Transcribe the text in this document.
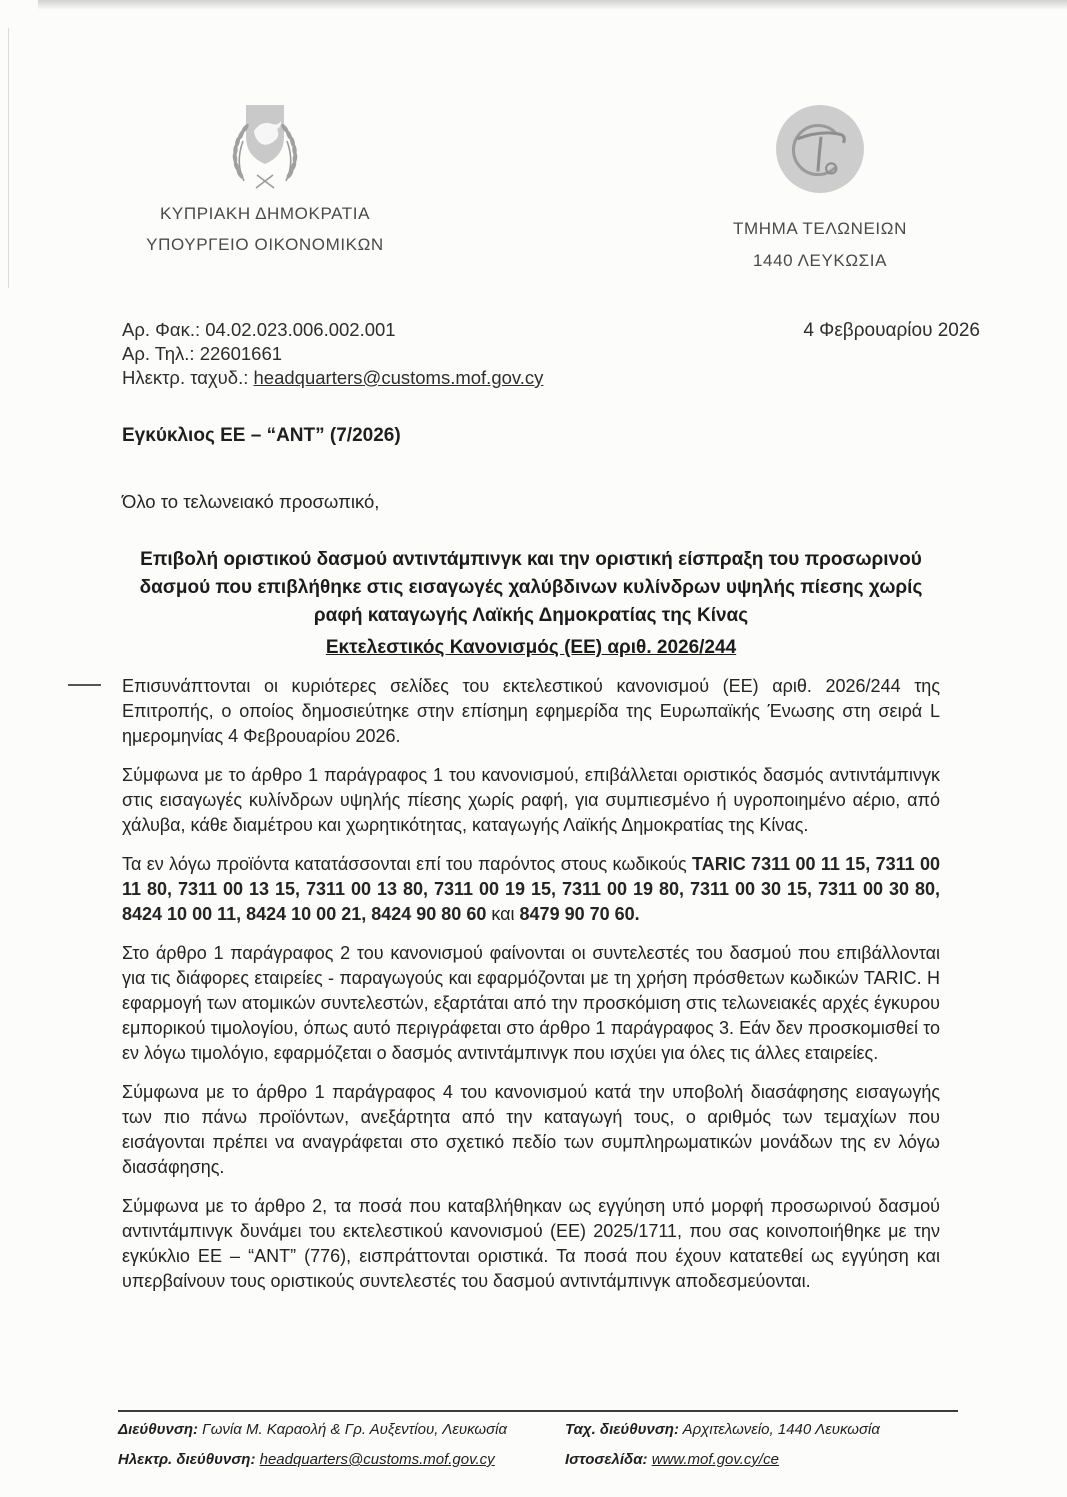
ΚΥΠΡΙΑΚΗ ΔΗΜΟΚΡΑΤΙΑ
ΥΠΟΥΡΓΕΙΟ ΟΙΚΟΝΟΜΙΚΩΝ
ΤΜΗΜΑ ΤΕΛΩΝΕΙΩΝ
1440 ΛΕΥΚΩΣΙΑ
Αρ. Φακ.: 04.02.023.006.002.001
Αρ. Τηλ.: 22601661
Ηλεκτρ. ταχυδ.: headquarters@customs.mof.gov.cy
4 Φεβρουαρίου 2026
Εγκύκλιος ΕΕ – “ΑΝΤ” (7/2026)
Όλο το τελωνειακό προσωπικό,
Επιβολή οριστικού δασμού αντιντάμπινγκ και την οριστική είσπραξη του προσωρινού δασμού που επιβλήθηκε στις εισαγωγές χαλύβδινων κυλίνδρων υψηλής πίεσης χωρίς ραφή καταγωγής Λαϊκής Δημοκρατίας της Κίνας
Εκτελεστικός Κανονισμός (ΕΕ) αριθ. 2026/244

Επισυνάπτονται οι κυριότερες σελίδες του εκτελεστικού κανονισμού (ΕΕ) αριθ. 2026/244 της Επιτροπής, ο οποίος δημοσιεύτηκε στην επίσημη εφημερίδα της Ευρωπαϊκής Ένωσης στη σειρά L ημερομηνίας 4 Φεβρουαρίου 2026.

Σύμφωνα με το άρθρο 1 παράγραφος 1 του κανονισμού, επιβάλλεται οριστικός δασμός αντιντάμπινγκ στις εισαγωγές κυλίνδρων υψηλής πίεσης χωρίς ραφή, για συμπιεσμένο ή υγροποιημένο αέριο, από χάλυβα, κάθε διαμέτρου και χωρητικότητας, καταγωγής Λαϊκής Δημοκρατίας της Κίνας.

Τα εν λόγω προϊόντα κατατάσσονται επί του παρόντος στους κωδικούς TARIC 7311 00 11 15, 7311 00 11 80, 7311 00 13 15, 7311 00 13 80, 7311 00 19 15, 7311 00 19 80, 7311 00 30 15, 7311 00 30 80, 8424 10 00 11, 8424 10 00 21, 8424 90 80 60 και 8479 90 70 60.

Στο άρθρο 1 παράγραφος 2 του κανονισμού φαίνονται οι συντελεστές του δασμού που επιβάλλονται για τις διάφορες εταιρείες - παραγωγούς και εφαρμόζονται με τη χρήση πρόσθετων κωδικών TARIC. Η εφαρμογή των ατομικών συντελεστών, εξαρτάται από την προσκόμιση στις τελωνειακές αρχές έγκυρου εμπορικού τιμολογίου, όπως αυτό περιγράφεται στο άρθρο 1 παράγραφος 3. Εάν δεν προσκομισθεί το εν λόγω τιμολόγιο, εφαρμόζεται ο δασμός αντιντάμπινγκ που ισχύει για όλες τις άλλες εταιρείες.

Σύμφωνα με το άρθρο 1 παράγραφος 4 του κανονισμού κατά την υποβολή διασάφησης εισαγωγής των πιο πάνω προϊόντων, ανεξάρτητα από την καταγωγή τους, ο αριθμός των τεμαχίων που εισάγονται πρέπει να αναγράφεται στο σχετικό πεδίο των συμπληρωματικών μονάδων της εν λόγω διασάφησης.

Σύμφωνα με το άρθρο 2, τα ποσά που καταβλήθηκαν ως εγγύηση υπό μορφή προσωρινού δασμού αντιντάμπινγκ δυνάμει του εκτελεστικού κανονισμού (ΕΕ) 2025/1711, που σας κοινοποιήθηκε με την εγκύκλιο ΕΕ – “ΑΝΤ” (776), εισπράττονται οριστικά. Τα ποσά που έχουν κατατεθεί ως εγγύηση και υπερβαίνουν τους οριστικούς συντελεστές του δασμού αντιντάμπινγκ αποδεσμεύονται.

Διεύθυνση: Γωνία Μ. Καραολή & Γρ. Αυξεντίου, Λευκωσία	Ταχ. διεύθυνση: Αρχιτελωνείο, 1440 Λευκωσία
Ηλεκτρ. διεύθυνση: headquarters@customs.mof.gov.cy	Ιστοσελίδα: www.mof.gov.cy/ce
